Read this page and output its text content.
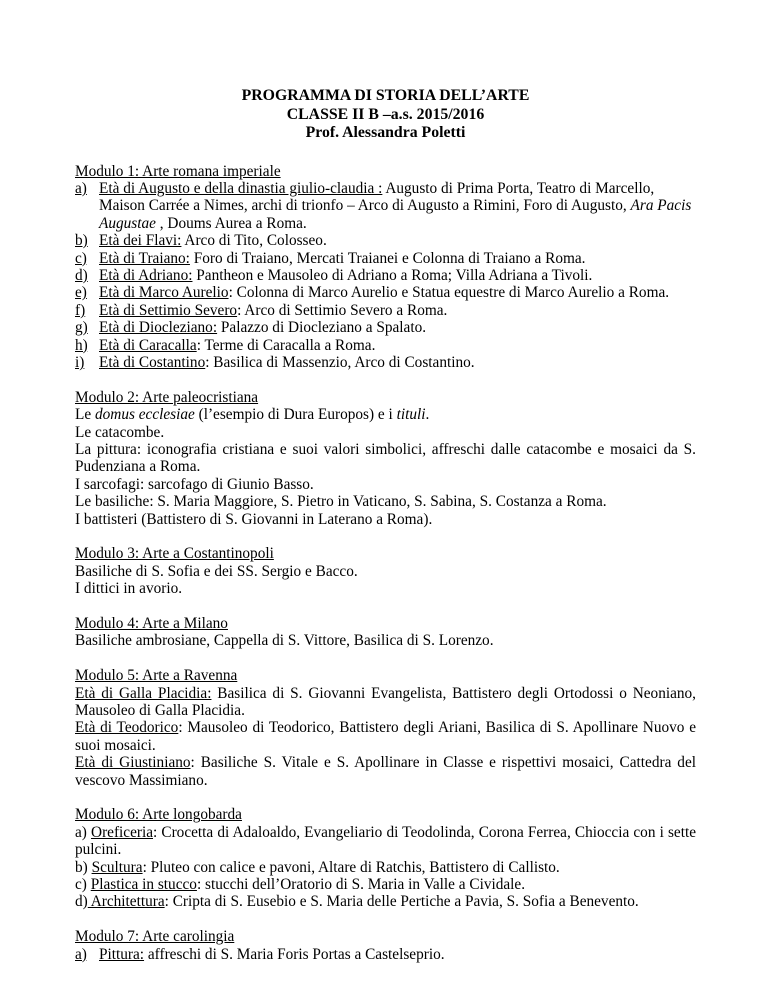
PROGRAMMA DI STORIA DELL’ARTE
CLASSE II B –a.s. 2015/2016
Prof. Alessandra Poletti
Modulo 1: Arte romana imperiale
a) Età di Augusto e della dinastia giulio-claudia : Augusto di Prima Porta, Teatro di Marcello, Maison Carrée a Nimes, archi di trionfo – Arco di Augusto a Rimini, Foro di Augusto, Ara Pacis Augustae , Doums Aurea a Roma.
b) Età dei Flavi: Arco di Tito, Colosseo.
c) Età di Traiano: Foro di Traiano, Mercati Traianei e Colonna di Traiano a Roma.
d) Età di Adriano: Pantheon e Mausoleo di Adriano a Roma; Villa Adriana a Tivoli.
e) Età di Marco Aurelio: Colonna di Marco Aurelio e Statua equestre di Marco Aurelio a Roma.
f) Età di Settimio Severo: Arco di Settimio Severo a Roma.
g) Età di Diocleziano: Palazzo di Diocleziano a Spalato.
h) Età di Caracalla: Terme di Caracalla a Roma.
i) Età di Costantino: Basilica di Massenzio, Arco di Costantino.
Modulo 2: Arte paleocristiana

Le domus ecclesiae (l’esempio di Dura Europos) e i tituli.

Le catacombe.

La pittura: iconografia cristiana e suoi valori simbolici, affreschi dalle catacombe e mosaici da S. Pudenziana a Roma.

I sarcofagi: sarcofago di Giunio Basso.

Le basiliche: S. Maria Maggiore, S. Pietro in Vaticano, S. Sabina, S. Costanza a Roma.

I battisteri (Battistero di S. Giovanni in Laterano a Roma).

Modulo 3: Arte a Costantinopoli

Basiliche di S. Sofia e dei SS. Sergio e Bacco.

I dittici in avorio.

Modulo 4: Arte a Milano

Basiliche ambrosiane, Cappella di S. Vittore, Basilica di S. Lorenzo.

Modulo 5: Arte a Ravenna

Età di Galla Placidia: Basilica di S. Giovanni Evangelista, Battistero degli Ortodossi o Neoniano, Mausoleo di Galla Placidia.

Età di Teodorico: Mausoleo di Teodorico, Battistero degli Ariani, Basilica di S. Apollinare Nuovo e suoi mosaici.

Età di Giustiniano: Basiliche S. Vitale e S. Apollinare in Classe e rispettivi mosaici, Cattedra del vescovo Massimiano.

Modulo 6: Arte longobarda

a) Oreficeria: Crocetta di Adaloaldo, Evangeliario di Teodolinda, Corona Ferrea, Chioccia con i sette pulcini.

b) Scultura: Pluteo con calice e pavoni, Altare di Ratchis, Battistero di Callisto.

c) Plastica in stucco: stucchi dell’Oratorio di S. Maria in Valle a Cividale.

d) Architettura: Cripta di S. Eusebio e S. Maria delle Pertiche a Pavia, S. Sofia a Benevento.

Modulo 7: Arte carolingia
a) Pittura: affreschi di S. Maria Foris Portas a Castelseprio.
